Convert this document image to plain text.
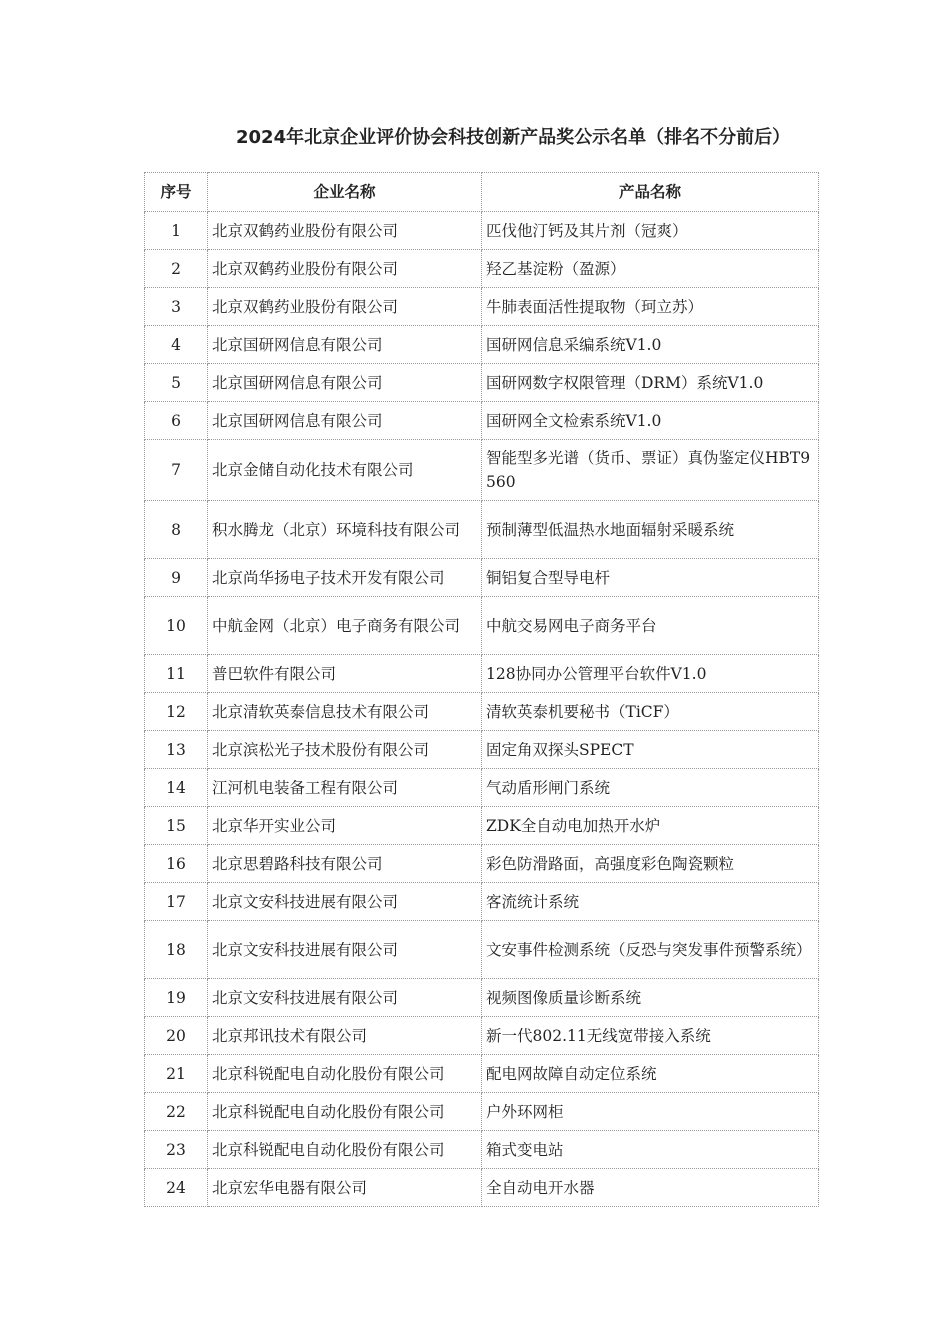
2024年北京企业评价协会科技创新产品奖公示名单（排名不分前后）
序号	企业名称	产品名称
1	北京双鹤药业股份有限公司	匹伐他汀钙及其片剂（冠爽）
2	北京双鹤药业股份有限公司	羟乙基淀粉（盈源）
3	北京双鹤药业股份有限公司	牛肺表面活性提取物（珂立苏）
4	北京国研网信息有限公司	国研网信息采编系统V1.0
5	北京国研网信息有限公司	国研网数字权限管理（DRM）系统V1.0
6	北京国研网信息有限公司	国研网全文检索系统V1.0
7	北京金储自动化技术有限公司	智能型多光谱（货币、票证）真伪鉴定仪HBT9560
8	积水腾龙（北京）环境科技有限公司	预制薄型低温热水地面辐射采暖系统
9	北京尚华扬电子技术开发有限公司	铜铝复合型导电杆
10	中航金网（北京）电子商务有限公司	中航交易网电子商务平台
11	普巴软件有限公司	128协同办公管理平台软件V1.0
12	北京清软英泰信息技术有限公司	清软英泰机要秘书（TiCF）
13	北京滨松光子技术股份有限公司	固定角双探头SPECT
14	江河机电装备工程有限公司	气动盾形闸门系统
15	北京华开实业公司	ZDK全自动电加热开水炉
16	北京思碧路科技有限公司	彩色防滑路面，高强度彩色陶瓷颗粒
17	北京文安科技进展有限公司	客流统计系统
18	北京文安科技进展有限公司	文安事件检测系统（反恐与突发事件预警系统）
19	北京文安科技进展有限公司	视频图像质量诊断系统
20	北京邦讯技术有限公司	新一代802.11无线宽带接入系统
21	北京科锐配电自动化股份有限公司	配电网故障自动定位系统
22	北京科锐配电自动化股份有限公司	户外环网柜
23	北京科锐配电自动化股份有限公司	箱式变电站
24	北京宏华电器有限公司	全自动电开水器
